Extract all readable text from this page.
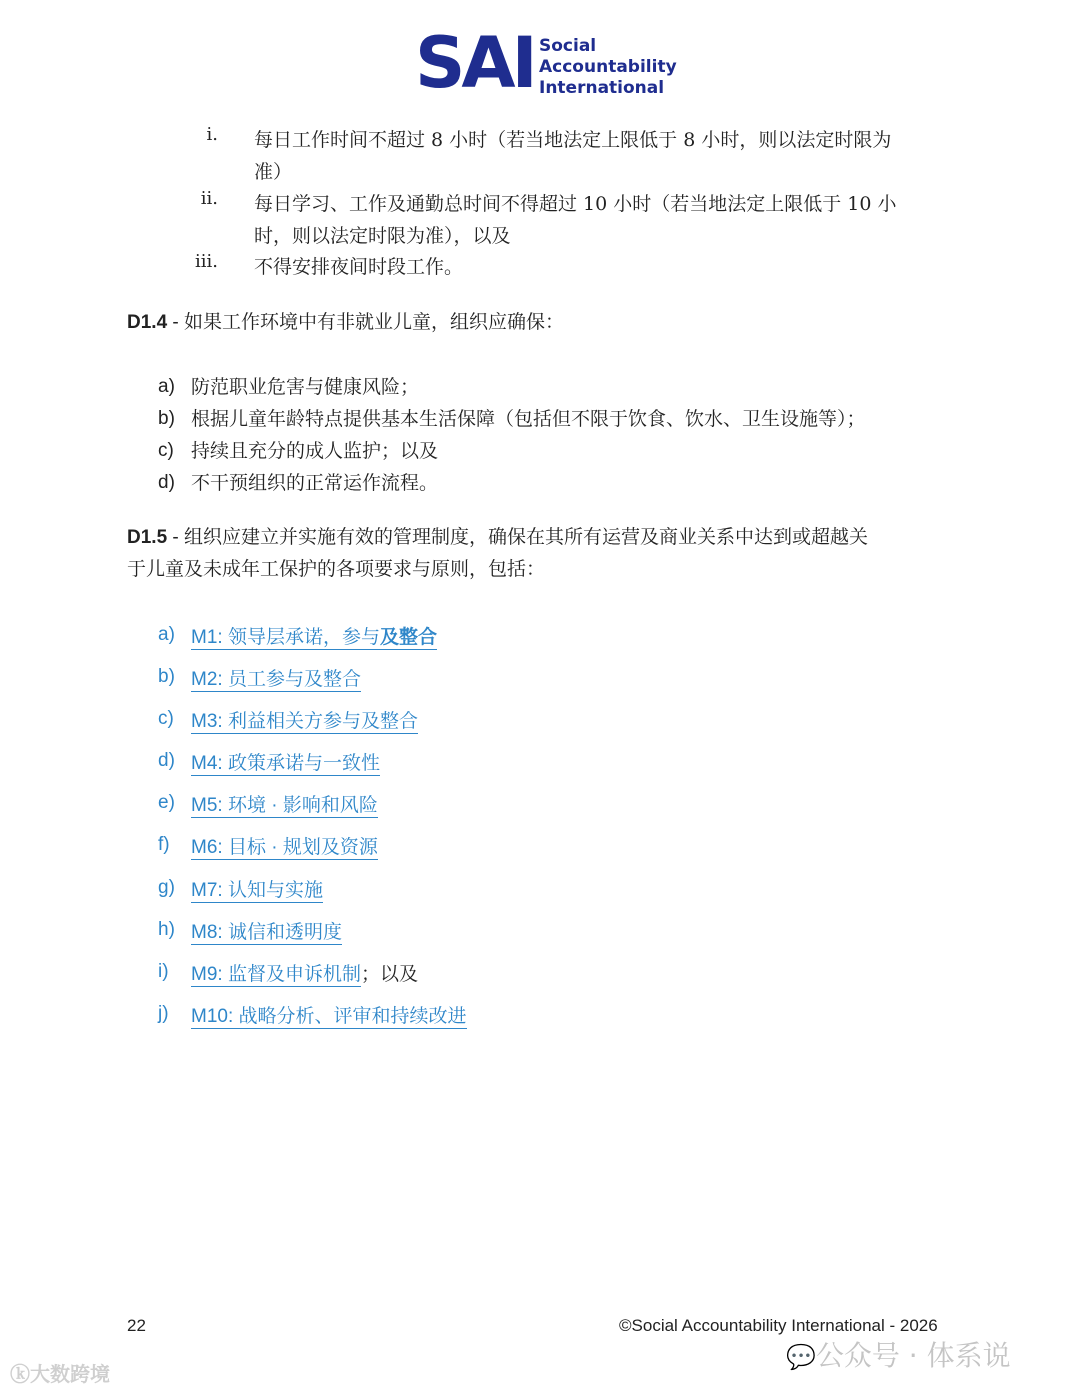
SAI Social
Accountability
International
i. 每日工作时间不超过 8 小时（若当地法定上限低于 8 小时，则以法定时限为
准）
ii. 每日学习、工作及通勤总时间不得超过 10 小时（若当地法定上限低于 10 小
时，则以法定时限为准），以及
iii. 不得安排夜间时段工作。
D1.4 - 如果工作环境中有非就业儿童，组织应确保：
a) 防范职业危害与健康风险；
b) 根据儿童年龄特点提供基本生活保障（包括但不限于饮食、饮水、卫生设施等）；
c) 持续且充分的成人监护；以及
d) 不干预组织的正常运作流程。
D1.5 - 组织应建立并实施有效的管理制度，确保在其所有运营及商业关系中达到或超越关
于儿童及未成年工保护的各项要求与原则，包括：
a) M1: 领导层承诺，参与及整合
b) M2: 员工参与及整合
c) M3: 利益相关方参与及整合
d) M4: 政策承诺与一致性
e) M5: 环境 · 影响和风险
f) M6: 目标 · 规划及资源
g) M7: 认知与实施
h) M8: 诚信和透明度
i) M9: 监督及申诉机制；以及
j) M10: 战略分析、评审和持续改进
22	©Social Accountability International - 2026
ⓚ大数跨境
💬公众号 · 体系说
